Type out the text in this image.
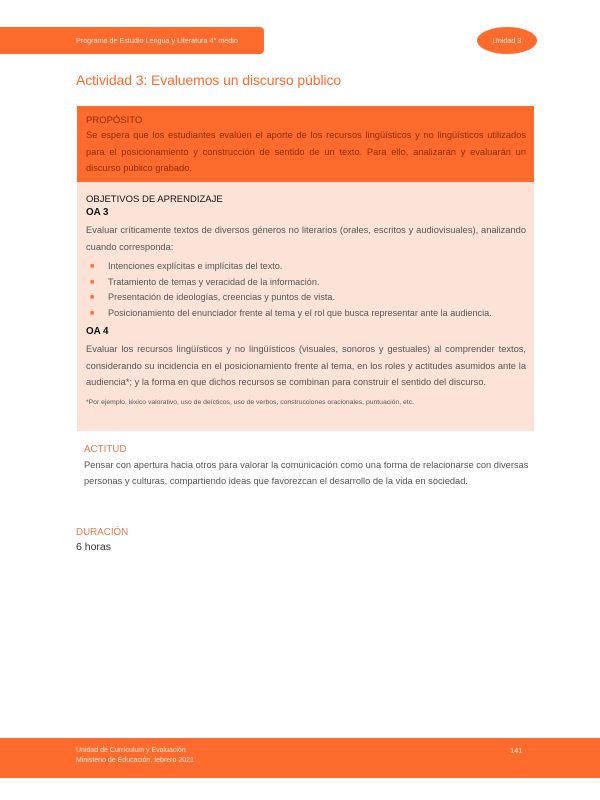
Programa de Estudio Lengua y Literatura 4° medio	Unidad 3
Actividad 3: Evaluemos un discurso público
PROPÓSITO
Se espera que los estudiantes evalúen el aporte de los recursos lingüísticos y no lingüísticos utilizados para el posicionamiento y construcción de sentido de un texto. Para ello, analizarán y evaluarán un discurso público grabado.
OBJETIVOS DE APRENDIZAJE
OA 3
Evaluar críticamente textos de diversos géneros no literarios (orales, escritos y audiovisuales), analizando cuando corresponda:
■ Intenciones explícitas e implícitas del texto.
■ Tratamiento de temas y veracidad de la información.
■ Presentación de ideologías, creencias y puntos de vista.
■ Posicionamiento del enunciador frente al tema y el rol que busca representar ante la audiencia.
OA 4
Evaluar los recursos lingüísticos y no lingüísticos (visuales, sonoros y gestuales) al comprender textos, considerando su incidencia en el posicionamiento frente al tema, en los roles y actitudes asumidos ante la audiencia*; y la forma en que dichos recursos se combinan para construir el sentido del discurso.
*Por ejemplo, léxico valorativo, uso de deícticos, uso de verbos, construcciones oracionales, puntuación, etc.
ACTITUD
Pensar con apertura hacia otros para valorar la comunicación como una forma de relacionarse con diversas personas y culturas, compartiendo ideas que favorezcan el desarrollo de la vida en sociedad.
DURACIÓN
6 horas
Unidad de Currículum y Evaluación
Ministerio de Educación, febrero 2021
141
